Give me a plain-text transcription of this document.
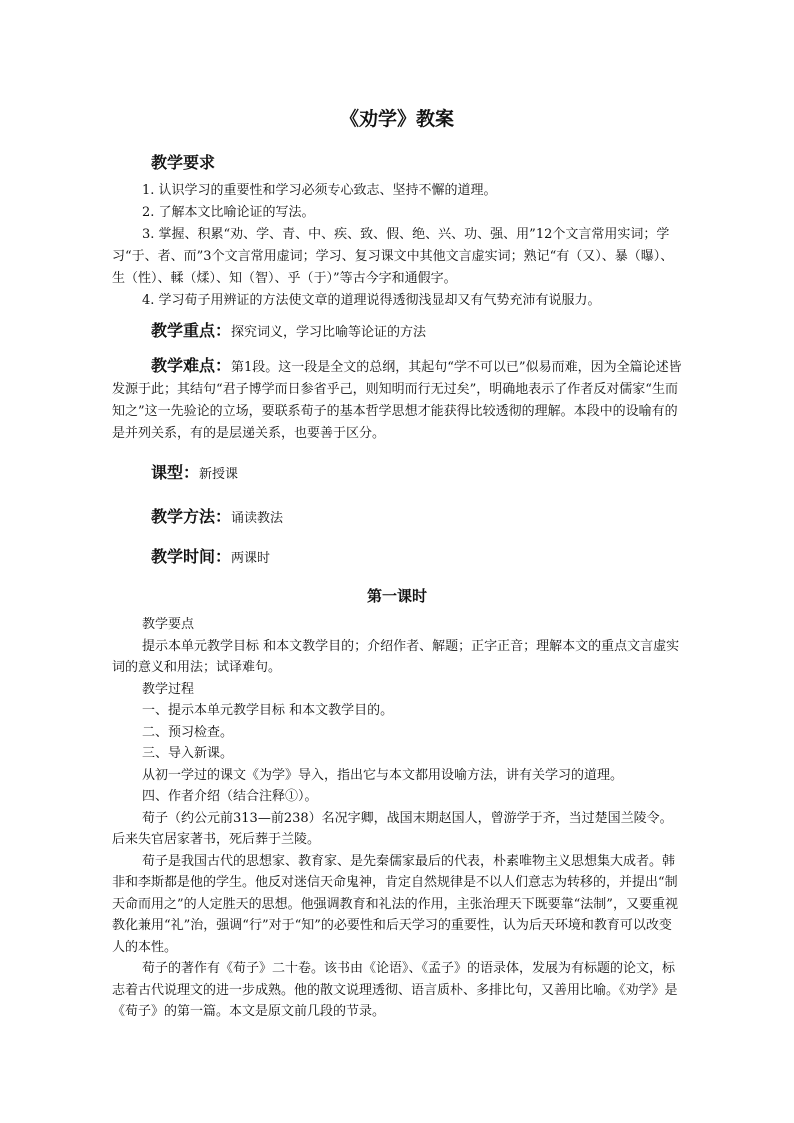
《劝学》教案
教学要求

1. 认识学习的重要性和学习必须专心致志、坚持不懈的道理。

2. 了解本文比喻论证的写法。

3. 掌握、积累“劝、学、青、中、疾、致、假、绝、兴、功、强、用”12个文言常用实词；学习“于、者、而”3个文言常用虚词；学习、复习课文中其他文言虚实词；熟记“有（又）、暴（曝）、生（性）、輮（煣）、知（智）、乎（于）”等古今字和通假字。

4. 学习荀子用辨证的方法使文章的道理说得透彻浅显却又有气势充沛有说服力。

教学重点：探究词义，学习比喻等论证的方法
教学难点：第1段。这一段是全文的总纲，其起句“学不可以已”似易而难，因为全篇论述皆发源于此；其结句“君子博学而日参省乎己，则知明而行无过矣”，明确地表示了作者反对儒家“生而知之”这一先验论的立场，要联系荀子的基本哲学思想才能获得比较透彻的理解。本段中的设喻有的是并列关系，有的是层递关系，也要善于区分。
课型：新授课
教学方法：诵读教法
教学时间：两课时
第一课时

教学要点

提示本单元教学目标 和本文教学目的；介绍作者、解题；正字正音；理解本文的重点文言虚实词的意义和用法；试译难句。

教学过程

一、提示本单元教学目标 和本文教学目的。

二、预习检查。

三、导入新课。

从初一学过的课文《为学》导入，指出它与本文都用设喻方法，讲有关学习的道理。

四、作者介绍（结合注释①）。

荀子（约公元前313—前238）名况字卿，战国末期赵国人，曾游学于齐，当过楚国兰陵令。后来失官居家著书，死后葬于兰陵。

荀子是我国古代的思想家、教育家、是先秦儒家最后的代表，朴素唯物主义思想集大成者。韩非和李斯都是他的学生。他反对迷信天命鬼神，肯定自然规律是不以人们意志为转移的，并提出“制天命而用之”的人定胜天的思想。他强调教育和礼法的作用，主张治理天下既要靠“法制”，又要重视教化兼用“礼”治，强调“行”对于“知”的必要性和后天学习的重要性，认为后天环境和教育可以改变人的本性。

荀子的著作有《荀子》二十卷。该书由《论语》、《孟子》的语录体，发展为有标题的论文，标志着古代说理文的进一步成熟。他的散文说理透彻、语言质朴、多排比句，又善用比喻。《劝学》是《荀子》的第一篇。本文是原文前几段的节录。
